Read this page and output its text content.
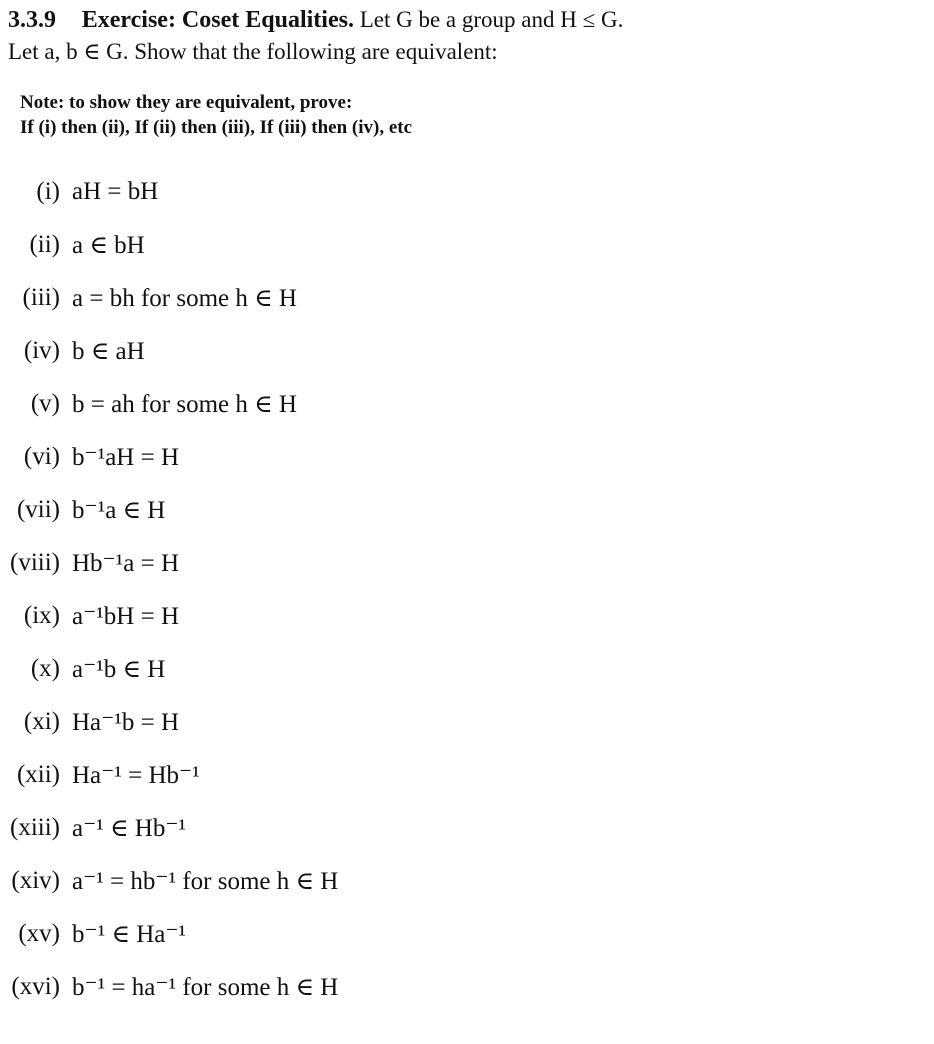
3.3.9 Exercise: Coset Equalities. Let G be a group and H ≤ G.
Let a, b ∈ G. Show that the following are equivalent:
Note: to show they are equivalent, prove:
If (i) then (ii), If (ii) then (iii), If (iii) then (iv), etc
(i) aH = bH
(ii) a ∈ bH
(iii) a = bh for some h ∈ H
(iv) b ∈ aH
(v) b = ah for some h ∈ H
(vi) b⁻¹aH = H
(vii) b⁻¹a ∈ H
(viii) Hb⁻¹a = H
(ix) a⁻¹bH = H
(x) a⁻¹b ∈ H
(xi) Ha⁻¹b = H
(xii) Ha⁻¹ = Hb⁻¹
(xiii) a⁻¹ ∈ Hb⁻¹
(xiv) a⁻¹ = hb⁻¹ for some h ∈ H
(xv) b⁻¹ ∈ Ha⁻¹
(xvi) b⁻¹ = ha⁻¹ for some h ∈ H
